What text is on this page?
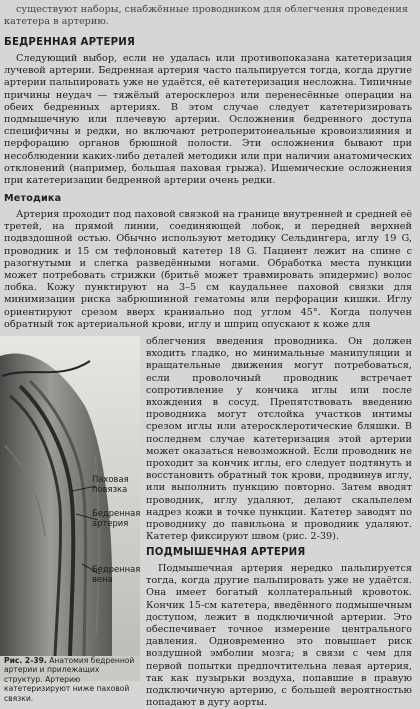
существуют наборы, снабжённые проводником для облегчения проведения

катетера в артерию.

БЕДРЕННАЯ АРТЕРИЯ

Следующий выбор, если не удалась или противопоказана катетеризация лучевой артерии. Бедренная артерия часто пальпируется тогда, когда другие артерии пальпировать уже не удаётся, её катетеризация несложна. Типичные причины неудач — тяжёлый атеросклероз или перенесённые операции на обеих бедренных артериях. В этом случае следует катетеризировать подмышечную или плечевую артерии. Осложнения бедренного доступа специфичны и редки, но включают ретроперитонеальные кровоизлияния и перфорацию органов брюшной полости. Эти осложнения бывают при несоблюдении каких-либо деталей методики или при наличии анатомических отклонений (например, большая паховая грыжа). Ишемические осложнения при катетеризации бедренной артерии очень редки.

Методика

Артерия проходит под паховой связкой на границе внутренней и средней её третей, на прямой линии, соединяющей лобок, и передней верхней подвздошной остью. Обычно используют методику Сельдингера, иглу 19 G, проводник и 15 см тефлоновый катетер 18 G. Пациент лежит на спине с разогнутыми и слегка разведёнными ногами. Обработка места пункции может потребовать стрижки (бритьё может травмировать эпидермис) волос лобка. Кожу пунктируют на 3–5 см каудальнее паховой связки для минимизации риска забрюшинной гематомы или перфорации кишки. Иглу ориентируют срезом вверх краниально под углом 45°. Когда получен обратный ток артериальной крови, иглу и шприц опускают к коже для

облегчения введения проводника. Он должен входить гладко, но минимальные манипуляции и вращательные движения могут потребоваться, если проволочный проводник встречает сопротивление у кончика иглы или после вхождения в сосуд. Препятствовать введению проводника могут отслойка участков интимы срезом иглы или атеросклеротические бляшки. В последнем случае катетеризация этой артерии может оказаться невозможной. Если проводник не проходит за кончик иглы, его следует подтянуть и восстановить обратный ток крови, продвинув иглу, или выполнить пункцию повторно. Затем вводят проводник, иглу удаляют, делают скальпелем надрез кожи в точке пункции. Катетер заводят по проводнику до павильона и проводник удаляют. Катетер фиксируют швом (рис. 2-39).

ПОДМЫШЕЧНАЯ АРТЕРИЯ

Подмышечная артерия нередко пальпируется тогда, когда другие пальпировать уже не удаётся. Она имеет богатый коллатеральный кровоток. Кончик 15-см катетера, введённого подмышечным доступом, лежит в подключичной артерии. Это обеспечивает точное измерение центрального давления. Одновременно это повышает риск воздушной эмболии мозга; в связи с чем для первой попытки предпочтительна левая артерия, так как пузырьки воздуха, попавшие в правую подключичную артерию, с большей вероятностью попадают в дугу аорты.

Паховая
повязка
Бедренная
артерия
Бедренная
вена
Рис. 2-39. Анатомия бедренной артерии и прилежащих структур. Артерию катетеризируют ниже паховой связки.
